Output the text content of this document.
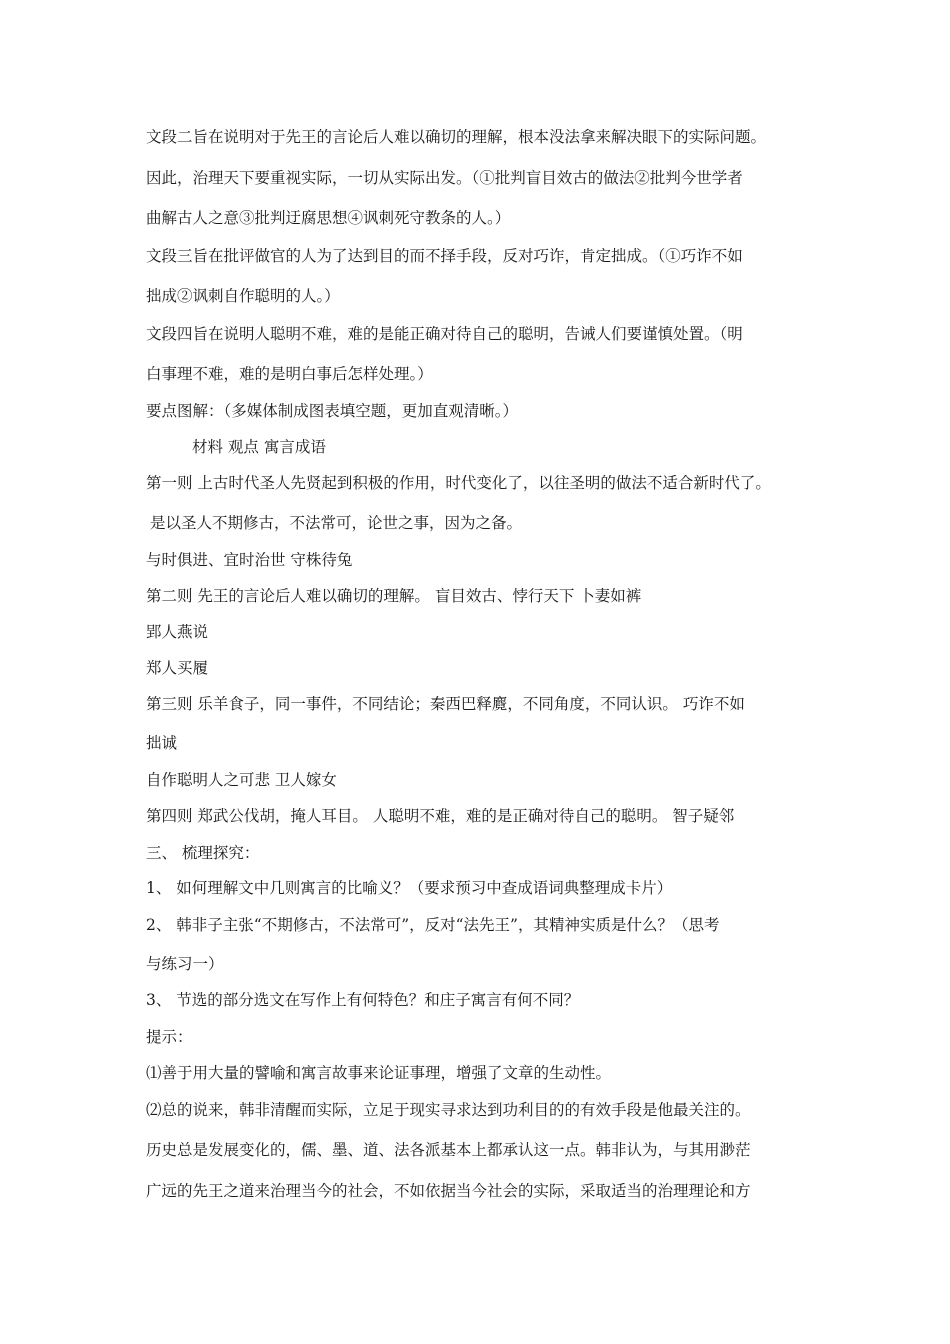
文段二旨在说明对于先王的言论后人难以确切的理解，根本没法拿来解决眼下的实际问题。
因此，治理天下要重视实际，一切从实际出发。（①批判盲目效古的做法②批判今世学者
曲解古人之意③批判迂腐思想④讽刺死守教条的人。）
文段三旨在批评做官的人为了达到目的而不择手段，反对巧诈，肯定拙成。（①巧诈不如
拙成②讽刺自作聪明的人。）
文段四旨在说明人聪明不难，难的是能正确对待自己的聪明，告诫人们要谨慎处置。（明
白事理不难，难的是明白事后怎样处理。）
要点图解：（多媒体制成图表填空题，更加直观清晰。）
材料 观点 寓言成语
第一则 上古时代圣人先贤起到积极的作用，时代变化了，以往圣明的做法不适合新时代了。
是以圣人不期修古，不法常可，论世之事，因为之备。
与时俱进、宜时治世 守株待兔
第二则 先王的言论后人难以确切的理解。 盲目效古、悖行天下 卜妻如裤
郢人燕说
郑人买履
第三则 乐羊食子，同一事件，不同结论；秦西巴释麑，不同角度，不同认识。 巧诈不如
拙诚
自作聪明人之可悲 卫人嫁女
第四则 郑武公伐胡，掩人耳目。 人聪明不难，难的是正确对待自己的聪明。 智子疑邻
三、 梳理探究：
1、 如何理解文中几则寓言的比喻义？（要求预习中查成语词典整理成卡片）
2、 韩非子主张“不期修古，不法常可”，反对“法先王”，其精神实质是什么？（思考
与练习一）
3、 节选的部分选文在写作上有何特色？和庄子寓言有何不同？
提示：
⑴善于用大量的譬喻和寓言故事来论证事理，增强了文章的生动性。
⑵总的说来，韩非清醒而实际，立足于现实寻求达到功利目的的有效手段是他最关注的。
历史总是发展变化的，儒、墨、道、法各派基本上都承认这一点。韩非认为，与其用渺茫
广远的先王之道来治理当今的社会，不如依据当今社会的实际，采取适当的治理理论和方
